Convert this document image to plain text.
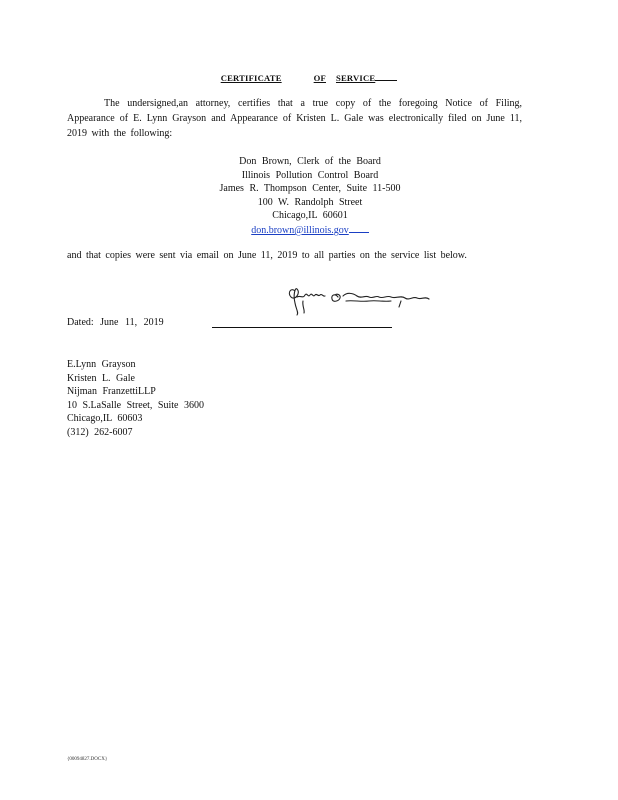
CERTIFICATE	OF SERVICE
The undersigned,an attorney, certifies that a true copy of the foregoing Notice of Filing, Appearance of E. Lynn Grayson and Appearance of Kristen L. Gale was electronically filed on June 11, 2019 with the following:
Don Brown, Clerk of the Board
Illinois Pollution Control Board
James R. Thompson Center, Suite 11-500
100 W. Randolph Street
Chicago,IL 60601
don.brown@illinois.gov
and that copies were sent via email on June 11, 2019 to all parties on the service list below.
Dated: June 11, 2019
E.Lynn Grayson
Kristen L. Gale
Nijman FranzettiLLP
10 S.LaSalle Street, Suite 3600
Chicago,IL 60603
(312) 262-6007
{00094827.DOCX}
